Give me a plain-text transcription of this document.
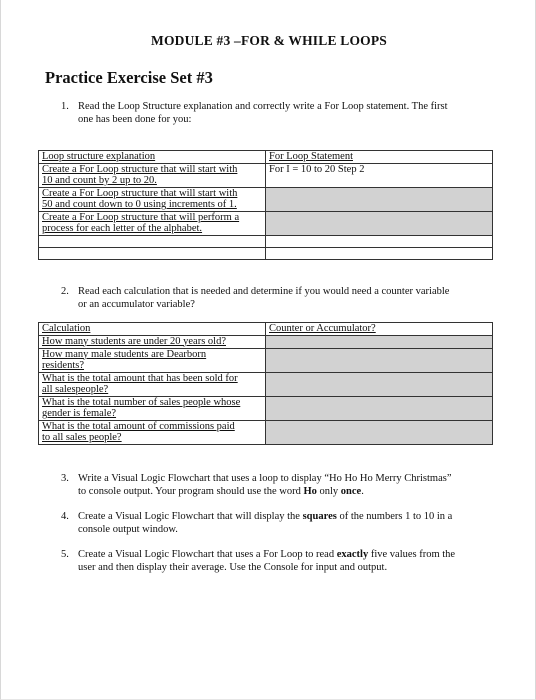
MODULE #3 –FOR & WHILE LOOPS
Practice Exercise Set #3
1. Read the Loop Structure explanation and correctly write a For Loop statement. The first
one has been done for you:
Loop structure explanation	For Loop Statement
Create a For Loop structure that will start with
10 and count by 2 up to 20.	For I = 10 to 20 Step 2
Create a For Loop structure that will start with
50 and count down to 0 using increments of 1.	
Create a For Loop structure that will perform a
process for each letter of the alphabet.	

2. Read each calculation that is needed and determine if you would need a counter variable
or an accumulator variable?
Calculation	Counter or Accumulator?
How many students are under 20 years old?	
How many male students are Dearborn
residents?	
What is the total amount that has been sold for
all salespeople?	
What is the total number of sales people whose
gender is female?	
What is the total amount of commissions paid
to all sales people?	
3. Write a Visual Logic Flowchart that uses a loop to display “Ho Ho Ho Merry Christmas”
to console output. Your program should use the word Ho only once.
4. Create a Visual Logic Flowchart that will display the squares of the numbers 1 to 10 in a
console output window.
5. Create a Visual Logic Flowchart that uses a For Loop to read exactly five values from the
user and then display their average. Use the Console for input and output.
